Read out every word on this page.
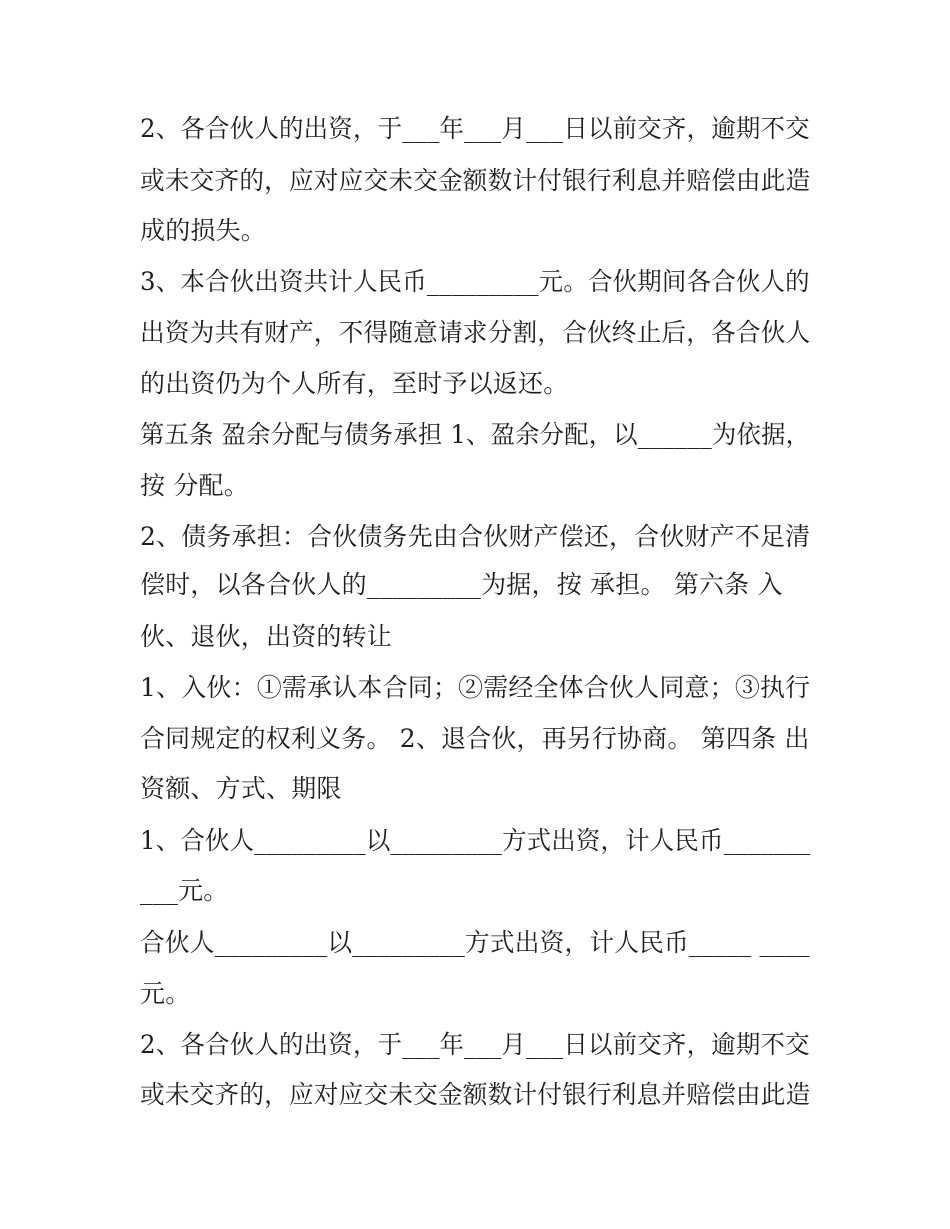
2、各合伙人的出资，于___年___月___日以前交齐，逾期不交
或未交齐的，应对应交未交金额数计付银行利息并赔偿由此造
成的损失。
3、本合伙出资共计人民币_________元。合伙期间各合伙人的
出资为共有财产，不得随意请求分割，合伙终止后，各合伙人
的出资仍为个人所有，至时予以返还。
第五条 盈余分配与债务承担 1、盈余分配，以______为依据，
按 分配。
2、债务承担：合伙债务先由合伙财产偿还，合伙财产不足清
偿时，以各合伙人的_________为据，按 承担。 第六条 入
伙、退伙，出资的转让
1、入伙：①需承认本合同；②需经全体合伙人同意；③执行
合同规定的权利义务。 2、退合伙，再另行协商。 第四条 出
资额、方式、期限
1、合伙人_________以_________方式出资，计人民币_______
___元。
合伙人_________以_________方式出资，计人民币_____ ____
元。
2、各合伙人的出资，于___年___月___日以前交齐，逾期不交
或未交齐的，应对应交未交金额数计付银行利息并赔偿由此造
